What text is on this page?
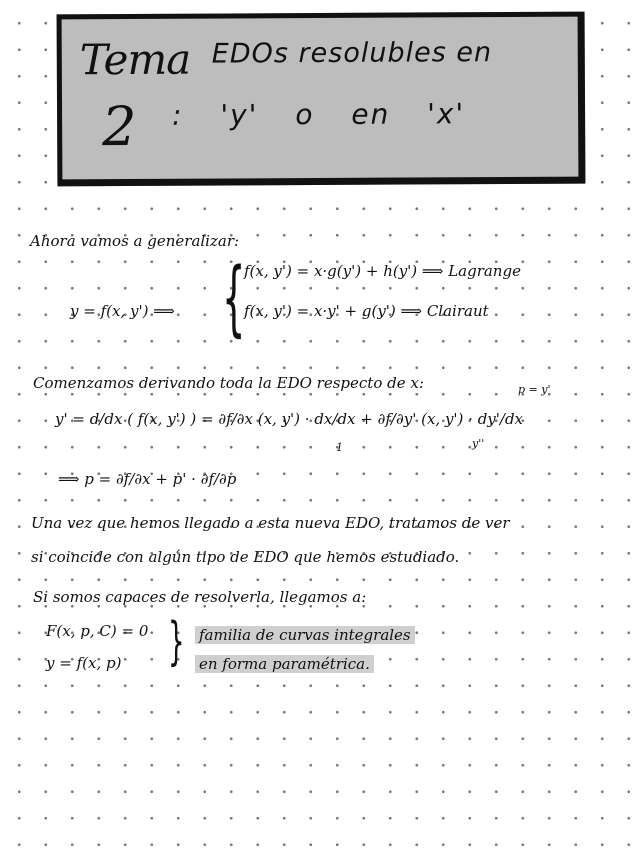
Tema EDOs resolubles en
2 : 'y' o en 'x'
Ahora vamos a generalizar:
y = f(x, y') ⟹ {
f(x, y') = x·g(y') + h(y') ⟹ Lagrange
f(x, y') = x·y' + g(y') ⟹ Clairaut
Comenzamos derivando toda la EDO respecto de x:	p = y'
y' = d/dx ( f(x, y') ) = ∂f/∂x (x, y') · dx/dx + ∂f/∂y' (x, y') · dy'/dx
1	y''
⟹ p = ∂f/∂x + p' · ∂f/∂p
Una vez que hemos llegado a esta nueva EDO, tratamos de ver
si coincide con algún tipo de EDO que hemos estudiado.
Si somos capaces de resolverla, llegamos a:
F(x, p, C) = 0
y = f(x, p) } familia de curvas integrales
en forma paramétrica.
